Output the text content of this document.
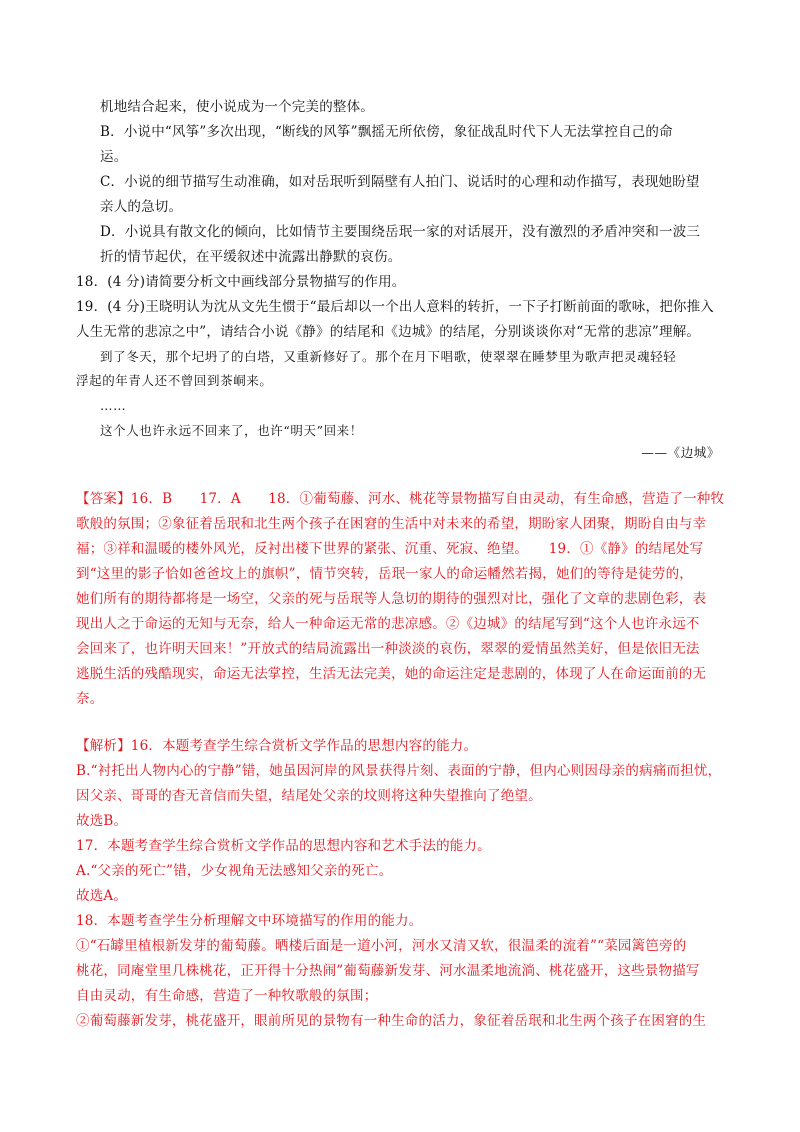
机地结合起来，使小说成为一个完美的整体。
B．小说中“风筝”多次出现，“断线的风筝”飘摇无所依傍，象征战乱时代下人无法掌控自己的命
运。
C．小说的细节描写生动准确，如对岳珉听到隔壁有人拍门、说话时的心理和动作描写，表现她盼望
亲人的急切。
D．小说具有散文化的倾向，比如情节主要围绕岳珉一家的对话展开，没有激烈的矛盾冲突和一波三
折的情节起伏，在平缓叙述中流露出静默的哀伤。
18．(4 分)请简要分析文中画线部分景物描写的作用。
19．(4 分)王晓明认为沈从文先生惯于“最后却以一个出人意料的转折，一下子打断前面的歌咏，把你推入
人生无常的悲凉之中”，请结合小说《静》的结尾和《边城》的结尾，分别谈谈你对“无常的悲凉”理解。
到了冬天，那个圮坍了的白塔，又重新修好了。那个在月下唱歌，使翠翠在睡梦里为歌声把灵魂轻轻
浮起的年青人还不曾回到茶峒来。
……
这个人也许永远不回来了，也许“明天”回来！
——《边城》
【答案】16．B　　17．A　　18．①葡萄藤、河水、桃花等景物描写自由灵动，有生命感，营造了一种牧
歌般的氛围；②象征着岳珉和北生两个孩子在困窘的生活中对未来的希望，期盼家人团聚，期盼自由与幸
福；③祥和温暖的楼外风光，反衬出楼下世界的紧张、沉重、死寂、绝望。　　19．①《静》的结尾处写
到“这里的影子恰如爸爸坟上的旗帜”，情节突转，岳珉一家人的命运幡然若揭，她们的等待是徒劳的，
她们所有的期待都将是一场空，父亲的死与岳珉等人急切的期待的强烈对比，强化了文章的悲剧色彩，表
现出人之于命运的无知与无奈，给人一种命运无常的悲凉感。②《边城》的结尾写到“这个人也许永远不
会回来了，也许明天回来！”开放式的结局流露出一种淡淡的哀伤，翠翠的爱情虽然美好，但是依旧无法
逃脱生活的残酷现实，命运无法掌控，生活无法完美，她的命运注定是悲剧的，体现了人在命运面前的无
奈。
【解析】16．本题考查学生综合赏析文学作品的思想内容的能力。
B.“衬托出人物内心的宁静”错，她虽因河岸的风景获得片刻、表面的宁静，但内心则因母亲的病痛而担忧，
因父亲、哥哥的杳无音信而失望，结尾处父亲的坟则将这种失望推向了绝望。
故选B。
17．本题考查学生综合赏析文学作品的思想内容和艺术手法的能力。
A.“父亲的死亡”错，少女视角无法感知父亲的死亡。
故选A。
18．本题考查学生分析理解文中环境描写的作用的能力。
①“石罅里植根新发芽的葡萄藤。晒楼后面是一道小河，河水又清又软，很温柔的流着”“菜园篱笆旁的
桃花，同庵堂里几株桃花，正开得十分热闹”葡萄藤新发芽、河水温柔地流淌、桃花盛开，这些景物描写
自由灵动，有生命感，营造了一种牧歌般的氛围；
②葡萄藤新发芽，桃花盛开，眼前所见的景物有一种生命的活力，象征着岳珉和北生两个孩子在困窘的生
